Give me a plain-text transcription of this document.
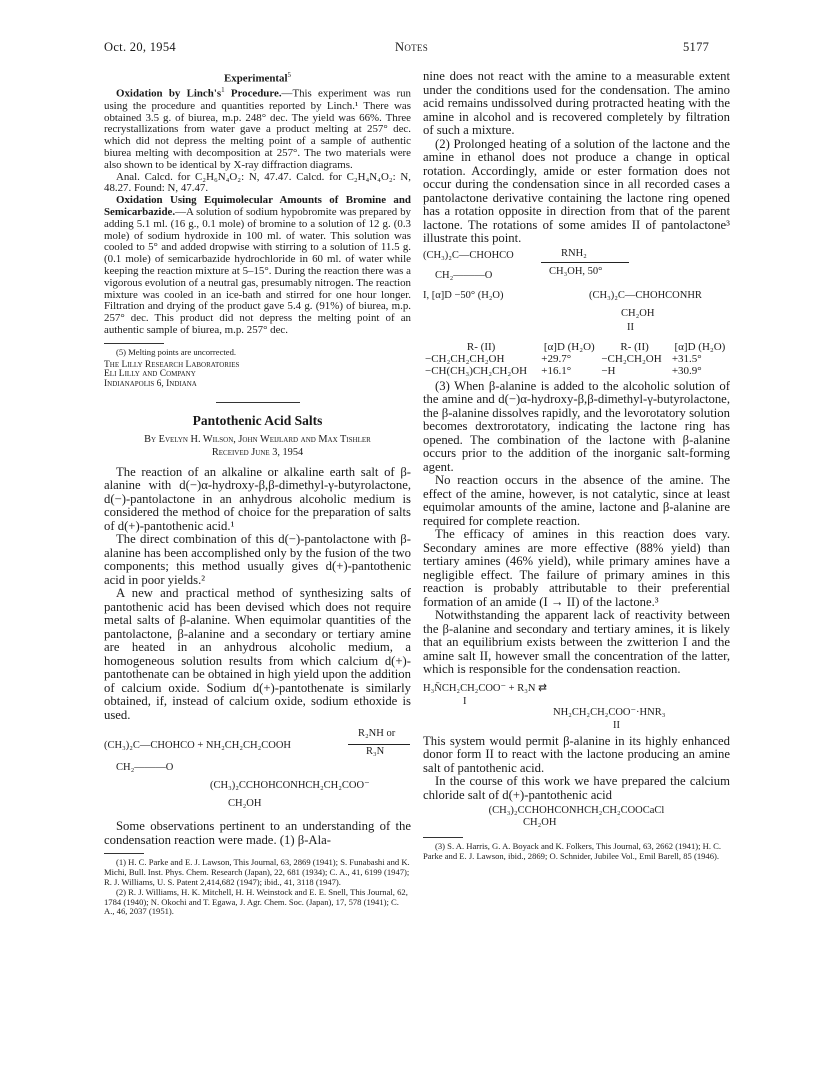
Oct. 20, 1954	Notes	5177
Experimental$^5$

Oxidation by $Linch's^1$ Procedure.—This experiment was run using the procedure and quantities reported by Linch.¹ There was obtained 3.5 g. of biurea, m.p. 248° dec. The yield was 66%. Three recrystallizations from water gave a product melting at 257° dec. which did not depress the melting point of a sample of authentic biurea melting with decomposition at 257°. The two materials were also shown to be identical by X-ray diffraction diagrams.

Anal. Calcd. for C₂H₆N₄O₂: N, 47.47. Calcd. for C₂H₄N₄O₂: N, 48.27. Found: N, 47.47.

Oxidation Using Equimolecular Amounts of Bromine and Semicarbazide.—A solution of sodium hypobromite was prepared by adding 5.1 ml. (16 g., 0.1 mole) of bromine to a solution of 12 g. (0.3 mole) of sodium hydroxide in 100 ml. of water. This solution was cooled to 5° and added dropwise with stirring to a solution of 11.5 g. (0.1 mole) of semicarbazide hydrochloride in 60 ml. of water while keeping the reaction mixture at 5–15°. During the reaction there was a vigorous evolution of a neutral gas, presumably nitrogen. The reaction mixture was cooled in an ice-bath and stirred for one hour longer. Filtration and drying of the product gave 5.4 g. (91%) of biurea, m.p. 257° dec. This product did not depress the melting point of an authentic sample of biurea, m.p. 257° dec.

(5) Melting points are uncorrected.

The Lilly Research Laboratories
Eli Lilly and Company
Indianapolis 6, Indiana
Pantothenic Acid Salts
By Evelyn H. Wilson, John Weijlard and Max Tishler
Received June 3, 1954

The reaction of an alkaline or alkaline earth salt of β-alanine with d(−)α-hydroxy-β,β-dimethyl-γ-butyrolactone, d(−)-pantolactone in an anhydrous alcoholic medium is considered the method of choice for the preparation of salts of d(+)-pantothenic acid.¹

The direct combination of this d(−)-pantolactone with β-alanine has been accomplished only by the fusion of the two components; this method usually gives d(+)-pantothenic acid in poor yields.²

A new and practical method of synthesizing salts of pantothenic acid has been devised which does not require metal salts of β-alanine. When equimolar quantities of the pantolactone, β-alanine and a secondary or tertiary amine are heated in an anhydrous alcoholic medium, a homogeneous solution results from which calcium d(+)-pantothenate can be obtained in high yield upon the addition of calcium oxide. Sodium d(+)-pantothenate is similarly obtained, if, instead of calcium oxide, sodium ethoxide is used.

(CH₃)₂C—CHOHCO + NH₂CH₂CH₂COOH
R₂NH or
R₃N
CH₂———O
(CH₃)₂CCHOHCONHCH₂CH₂COO⁻
CH₂OH

Some observations pertinent to an understanding of the condensation reaction were made. (1) β-Ala-

(1) H. C. Parke and E. J. Lawson, This Journal, 63, 2869 (1941); S. Funabashi and K. Michi, Bull. Inst. Phys. Chem. Research (Japan), 22, 681 (1934); C. A., 41, 6199 (1947); R. J. Williams, U. S. Patent 2,414,682 (1947); ibid., 41, 3118 (1947).

(2) R. J. Williams, H. K. Mitchell, H. H. Weinstock and E. E. Snell, This Journal, 62, 1784 (1940); N. Okochi and T. Egawa, J. Agr. Chem. Soc. (Japan), 17, 578 (1941); C. A., 46, 2037 (1951).

nine does not react with the amine to a measurable extent under the conditions used for the condensation. The amino acid remains undissolved during protracted heating with the amine in alcohol and is recovered completely by filtration of such a mixture.

(2) Prolonged heating of a solution of the lactone and the amine in ethanol does not produce a change in optical rotation. Accordingly, amide or ester formation does not occur during the condensation since in all recorded cases a pantolactone derivative containing the lactone ring opened has a rotation opposite in direction from that of the parent lactone. The rotations of some amides II of pantolactone³ illustrate this point.

(CH₃)₂C—CHOHCO	RNH₂
CH₂———O	CH₃OH, 50°
I, [α]D −50° (H₂O)	(CH₃)₂C—CHOHCONHR
CH₂OH
II
R- (II)	[α]D (H₂O)	R- (II)	[α]D (H₂O)
−CH₂CH₂CH₂OH	+29.7°	−CH₂CH₂OH	+31.5°
−CH(CH₃)CH₂CH₂OH	+16.1°	−H	+30.9°

(3) When β-alanine is added to the alcoholic solution of the amine and d(−)α-hydroxy-β,β-dimethyl-γ-butyrolactone, the β-alanine dissolves rapidly, and the levorotatory solution becomes dextrorotatory, indicating the lactone ring has opened. The combination of the lactone with β-alanine occurs prior to the addition of the inorganic salt-forming agent.

No reaction occurs in the absence of the amine. The effect of the amine, however, is not catalytic, since at least equimolar amounts of the amine, lactone and β-alanine are required for complete reaction.

The efficacy of amines in this reaction does vary. Secondary amines are more effective (88% yield) than tertiary amines (46% yield), while primary amines have a negligible effect. The failure of primary amines in this reaction is probably attributable to their preferential formation of an amide (I → II) of the lactone.³

Notwithstanding the apparent lack of reactivity between the β-alanine and secondary and tertiary amines, it is likely that an equilibrium exists between the zwitterion I and the amine salt II, however small the concentration of the latter, which is responsible for the condensation reaction.

H₃N̄CH₂CH₂COO⁻ + R₃N ⇄
I
NH₂CH₂CH₂COO⁻·HNR₃
II

This system would permit β-alanine in its highly enhanced donor form II to react with the lactone producing an amine salt of pantothenic acid.

In the course of this work we have prepared the calcium chloride salt of d(+)-pantothenic acid

(CH₃)₂CCHOHCONHCH₂CH₂COOCaCl
CH₂OH

(3) S. A. Harris, G. A. Boyack and K. Folkers, This Journal, 63, 2662 (1941); H. C. Parke and E. J. Lawson, ibid., 2869; O. Schnider, Jubilee Vol., Emil Barell, 85 (1946).
